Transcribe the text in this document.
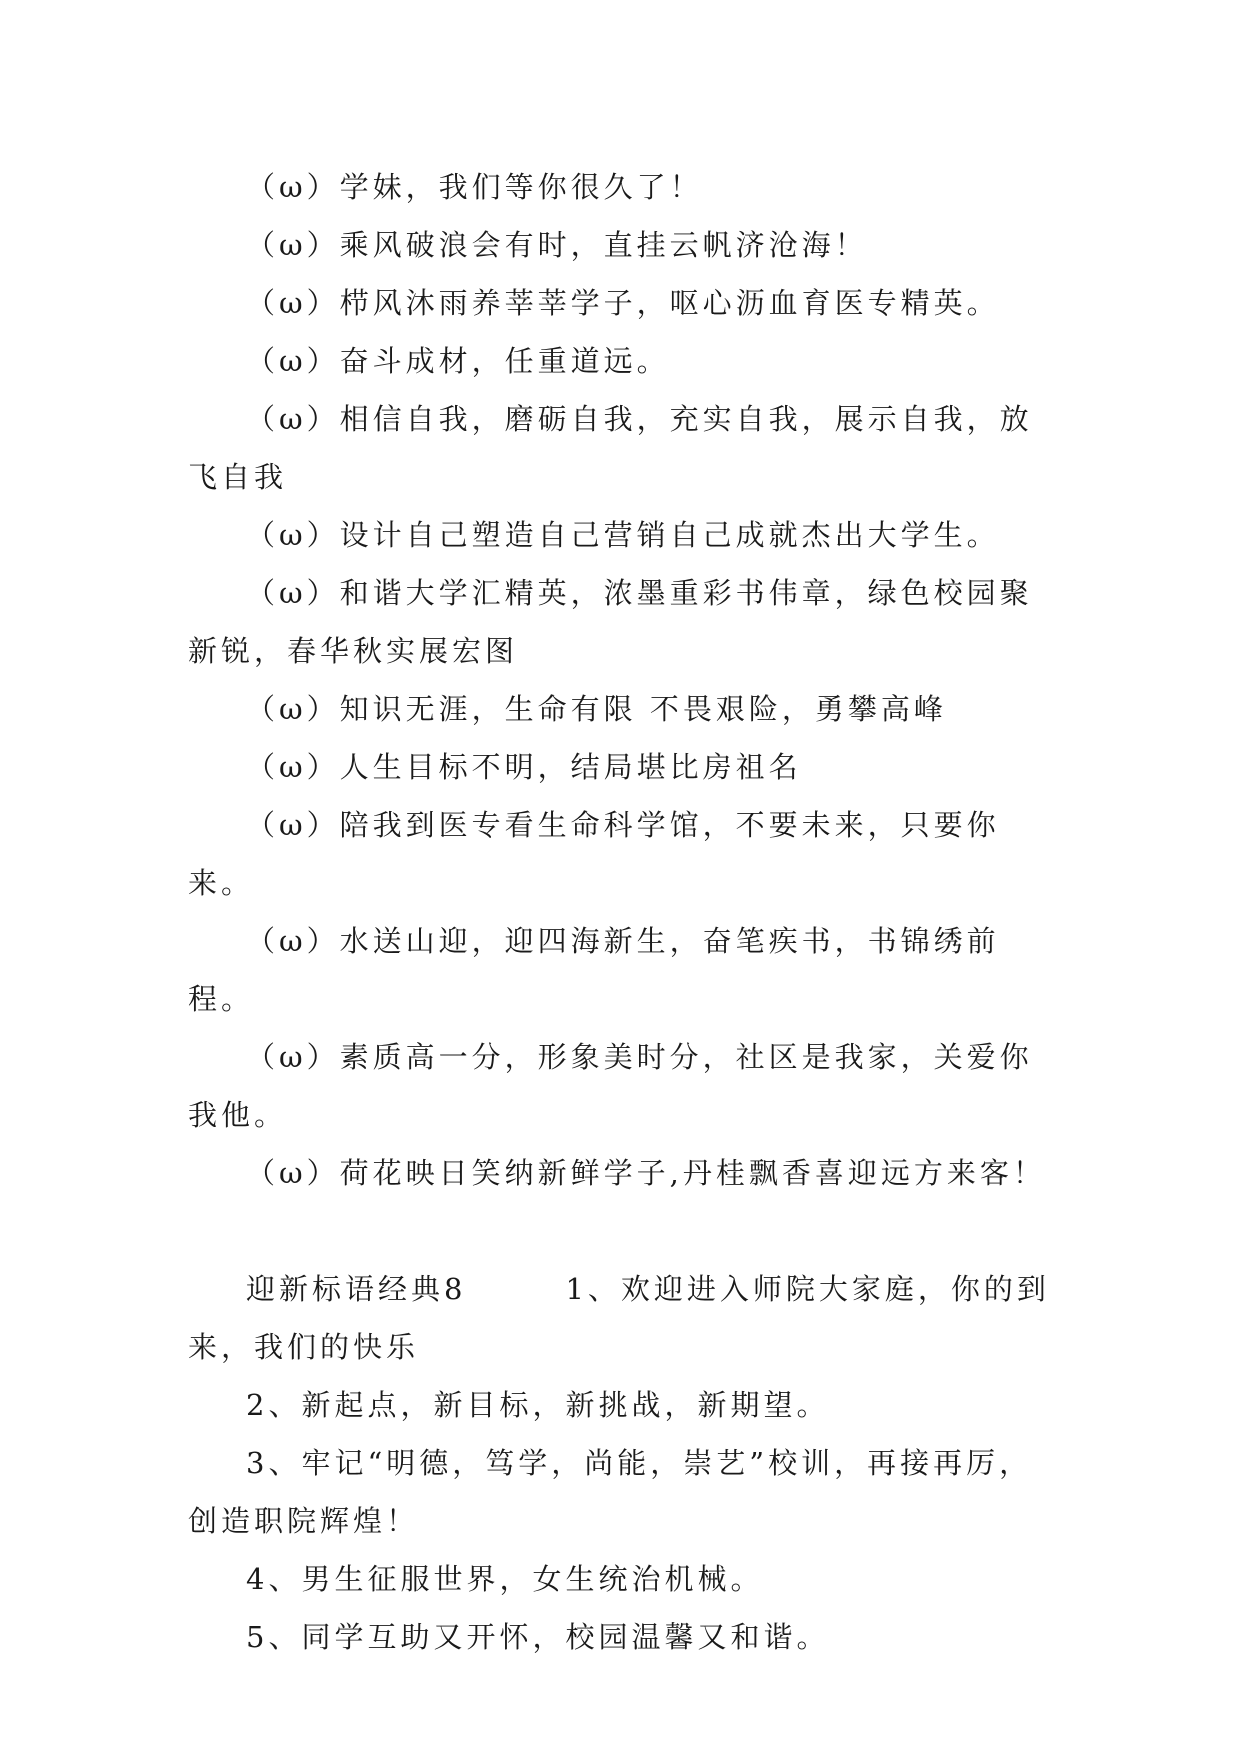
（ω）学妹，我们等你很久了！

（ω）乘风破浪会有时，直挂云帆济沧海！

（ω）栉风沐雨养莘莘学子，呕心沥血育医专精英。

（ω）奋斗成材，任重道远。

（ω）相信自我，磨砺自我，充实自我，展示自我，放飞自我

（ω）设计自己塑造自己营销自己成就杰出大学生。

（ω）和谐大学汇精英，浓墨重彩书伟章，绿色校园聚新锐，春华秋实展宏图

（ω）知识无涯，生命有限 不畏艰险，勇攀高峰

（ω）人生目标不明，结局堪比房祖名

（ω）陪我到医专看生命科学馆，不要未来，只要你来。

（ω）水送山迎，迎四海新生，奋笔疾书，书锦绣前程。

（ω）素质高一分，形象美时分，社区是我家，关爱你我他。

（ω）荷花映日笑纳新鲜学子,丹桂飘香喜迎远方来客！

迎新标语经典8　　　1、欢迎进入师院大家庭，你的到来，我们的快乐

2、新起点，新目标，新挑战，新期望。

3、牢记“明德，笃学，尚能，崇艺”校训，再接再厉，创造职院辉煌！

4、男生征服世界，女生统治机械。

5、同学互助又开怀，校园温馨又和谐。
